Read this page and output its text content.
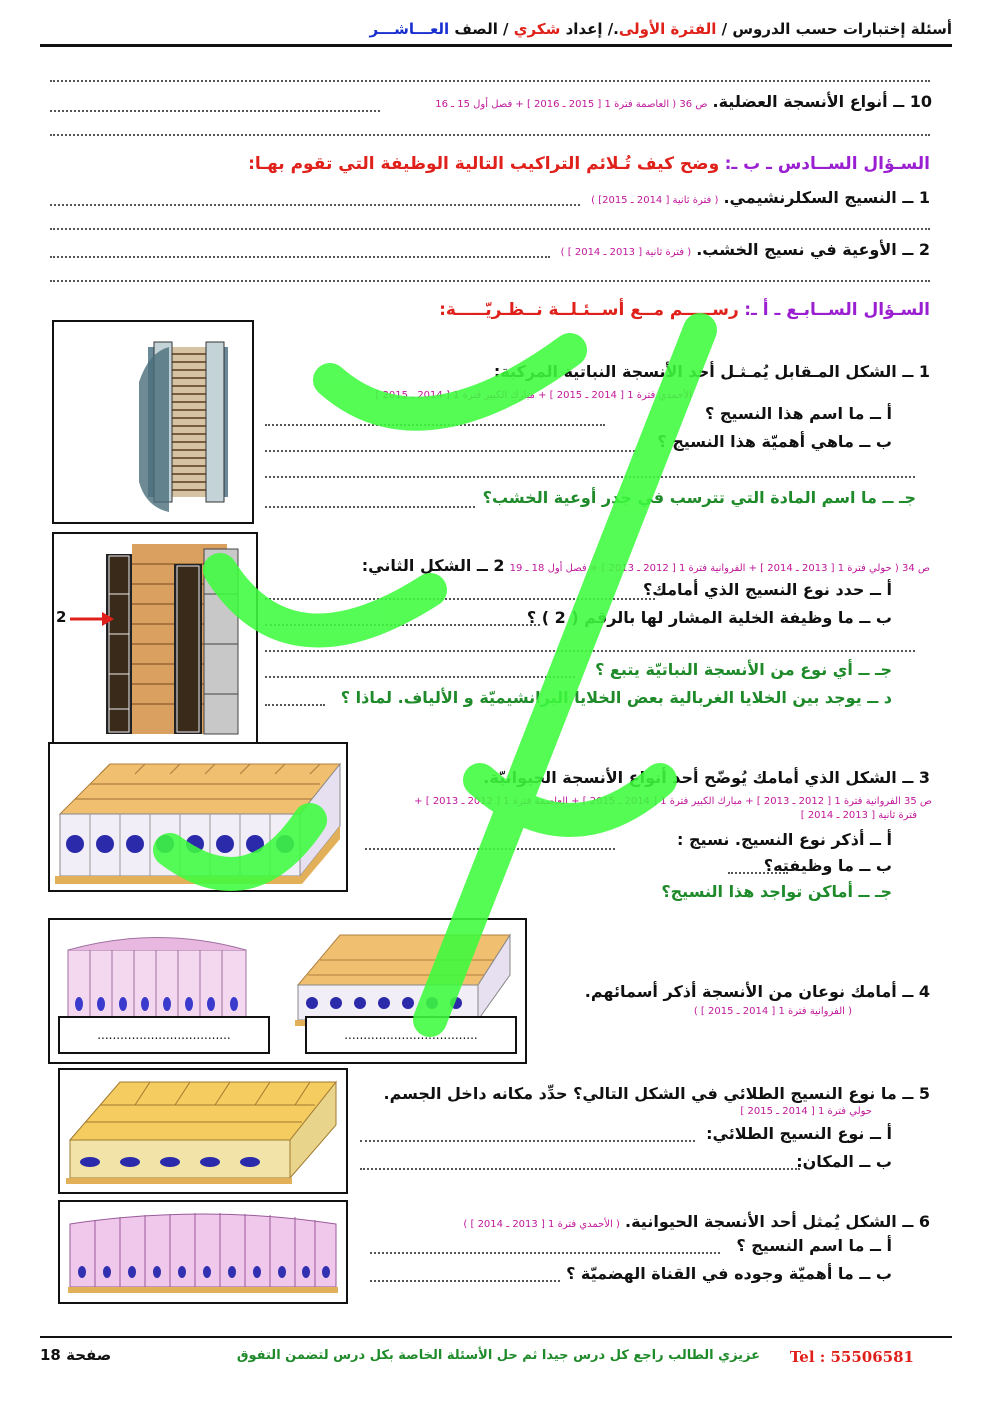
أسئلة إختبارات حسب الدروس / الفترة الأولى./ إعداد شكري / الصف العـــاشـــر
10 ــ أنواع الأنسجة العضلية. ص 36 ( العاصمة فترة 1 [ 2015 ـ 2016 ] + فصل أول 15 ـ 16
السـؤال الســادس ـ ب ـ: وضح كيف تُـلائم التراكيب التالية الوظيفة التي تقوم بهـا:
1 ــ النسيج السكلرنشيمي. ( فترة ثانية [ 2014 ـ 2015] )
2 ــ الأوعية في نسيج الخشب. ( فترة ثانية [ 2013 ـ 2014 ] )
السـؤال الســابـع ـ أ ـ: رســـــم مــع أســئـلــة نــظـريّـــــة:
1 ــ الشكل المـقابل يُمـثـل أحد الأنسجة النباتية المركبة:
الأحمدي فترة 1 [ 2014 ـ 2015 ] + مبارك الكبير فترة 1 [ 2014 ـ 2015 ]
أ ــ ما اسم هذا النسيج ؟
ب ــ ماهي أهميّة هذا النسيج ؟
جـ ــ ما اسم المادة التي تترسب في جدر أوعية الخشب؟
2
ص 34 ( حولي فترة 1 [ 2013 ـ 2014 ] + الفروانية فترة 1 [ 2012 ـ 2013 ] + فصل أول 18 ـ 19 2 ــ الشكل الثاني:
أ ــ حدد نوع النسيج الذي أمامك؟
ب ــ ما وظيفة الخلية المشار لها بالرقم ( 2 ) ؟
جـ ــ أي نوع من الأنسجة النباتيّة يتبع ؟
د ــ يوجد بين الخلايا الغربالية بعض الخلايا البرانشيميّة و الألياف. لماذا ؟
3 ــ الشكل الذي أمامك يُوضّح أحد أنواع الأنسجة الحيوانيّة.
ص 35 الفروانية فترة 1 [ 2012 ـ 2013 ] + مبارك الكبير فترة 1 [ 2014 ـ 2015 ] + العاصمة فترة 1 [ 2012 ـ 2013 ] +
فترة ثانية [ 2013 ـ 2014 ]
أ ــ أذكر نوع النسيج. نسيج :
ب ــ ما وظيفته؟
جـ ــ أماكن تواجد هذا النسيج؟
...................................	...................................
4 ــ أمامك نوعان من الأنسجة أذكر أسمائهم.
( الفروانية فترة 1 [ 2014 ـ 2015 ] )
5 ــ ما نوع النسيج الطلائي في الشكل التالي؟ حدِّد مكانه داخل الجسم.
حولي فترة 1 [ 2014 ـ 2015 ]
أ ــ نوع النسيج الطلائي:
ب ــ المكان:
6 ــ الشكل يُمثل أحد الأنسجة الحيوانية. ( الأحمدي فترة 1 [ 2013 ـ 2014 ] )
أ ــ ما اسم النسيج ؟
ب ــ ما أهميّة وجوده في القناة الهضميّة ؟
Tel : 55506581
عزيزي الطالب راجع كل درس جيدا ثم حل الأسئلة الخاصة بكل درس لتضمن التفوق
صفحة 18
